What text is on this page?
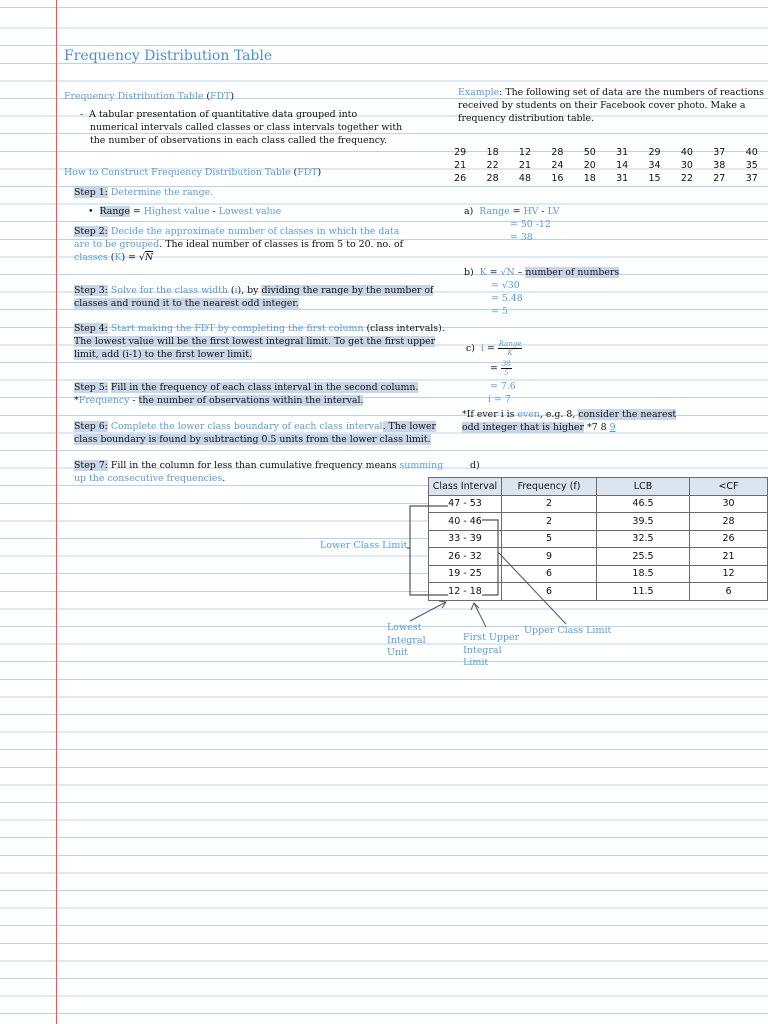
Frequency Distribution Table
Frequency Distribution Table (FDT)
-  A tabular presentation of quantitative data grouped into
numerical intervals called classes or class intervals together with
the number of observations in each class called the frequency.
How to Construct Frequency Distribution Table (FDT)
Step 1: Determine the range.
•  Range = Highest value - Lowest value
Step 2: Decide the approximate number of classes in which the data
are to be grouped. The ideal number of classes is from 5 to 20. no. of
classes (K) = √N
Step 3: Solve for the class width (i), by dividing the range by the number of
classes and round it to the nearest odd integer.
Step 4: Start making the FDT by completing the first column (class intervals).
The lowest value will be the first lowest integral limit. To get the first upper
limit, add (i-1) to the first lower limit.
Step 5: Fill in the frequency of each class interval in the second column.
*Frequency - the number of observations within the interval.
Step 6: Complete the lower class boundary of each class interval. The lower
class boundary is found by subtracting 0.5 units from the lower class limit.
Step 7: Fill in the column for less than cumulative frequency means summing
up the consecutive frequencies.
Example: The following set of data are the numbers of reactions
received by students on their Facebook cover photo. Make a
frequency distribution table.
29	18	12	28	50	31	29	40	37	40
21	22	21	24	20	14	34	30	38	35
26	28	48	16	18	31	15	22	27	37
a) Range = HV - LV
= 50 -12
= 38
b) K = √N – number of numbers
= √30
= 5.48
= 5
c) $i = \frac{\text{Range}}{K}$
= $\frac{38}{5}$
= 7.6
i = 7
*If ever i is even, e.g. 8, consider the nearest
odd integer that is higher *7 8 9
d)
Class Interval	Frequency (f)	LCB	<CF
47 - 53	2	46.5	30
40 - 46	2	39.5	28
33 - 39	5	32.5	26
26 - 32	9	25.5	21
19 - 25	6	18.5	12
12 - 18	6	11.5	6
Lower Class Limit
Upper Class Limit
Lowest
Integral
Unit
First Upper
Integral
Limit
